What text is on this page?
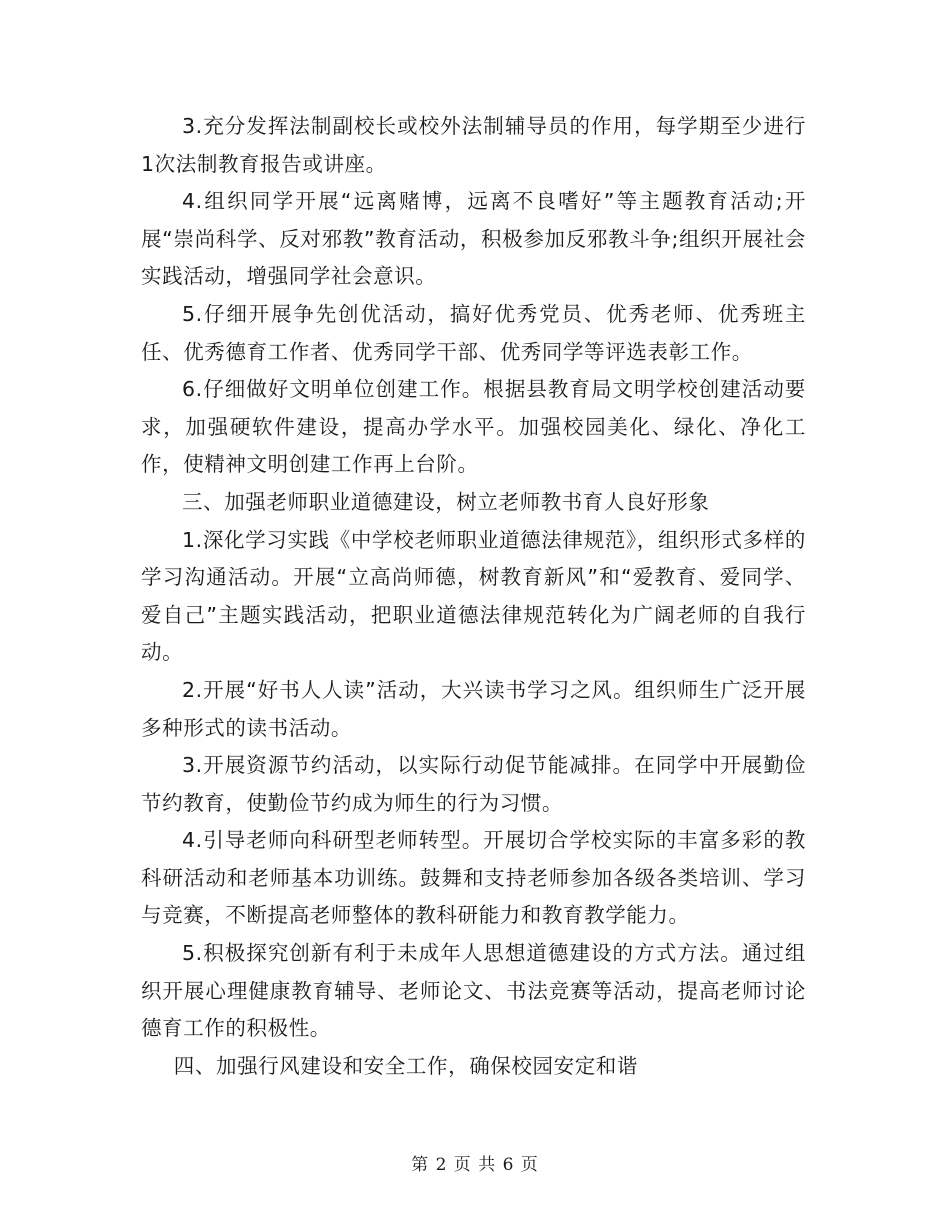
3.充分发挥法制副校长或校外法制辅导员的作用，每学期至少进行1次法制教育报告或讲座。

4.组织同学开展“远离赌博，远离不良嗜好”等主题教育活动;开展“崇尚科学、反对邪教”教育活动，积极参加反邪教斗争;组织开展社会实践活动，增强同学社会意识。

5.仔细开展争先创优活动，搞好优秀党员、优秀老师、优秀班主任、优秀德育工作者、优秀同学干部、优秀同学等评选表彰工作。

6.仔细做好文明单位创建工作。根据县教育局文明学校创建活动要求，加强硬软件建设，提高办学水平。加强校园美化、绿化、净化工作，使精神文明创建工作再上台阶。

三、加强老师职业道德建设，树立老师教书育人良好形象

1.深化学习实践《中学校老师职业道德法律规范》，组织形式多样的学习沟通活动。开展“立高尚师德，树教育新风”和“爱教育、爱同学、爱自己”主题实践活动，把职业道德法律规范转化为广阔老师的自我行动。

2.开展“好书人人读”活动，大兴读书学习之风。组织师生广泛开展多种形式的读书活动。

3.开展资源节约活动，以实际行动促节能减排。在同学中开展勤俭节约教育，使勤俭节约成为师生的行为习惯。

4.引导老师向科研型老师转型。开展切合学校实际的丰富多彩的教科研活动和老师基本功训练。鼓舞和支持老师参加各级各类培训、学习与竞赛，不断提高老师整体的教科研能力和教育教学能力。

5.积极探究创新有利于未成年人思想道德建设的方式方法。通过组织开展心理健康教育辅导、老师论文、书法竞赛等活动，提高老师讨论德育工作的积极性。

四、加强行风建设和安全工作，确保校园安定和谐

第 2 页 共 6 页
